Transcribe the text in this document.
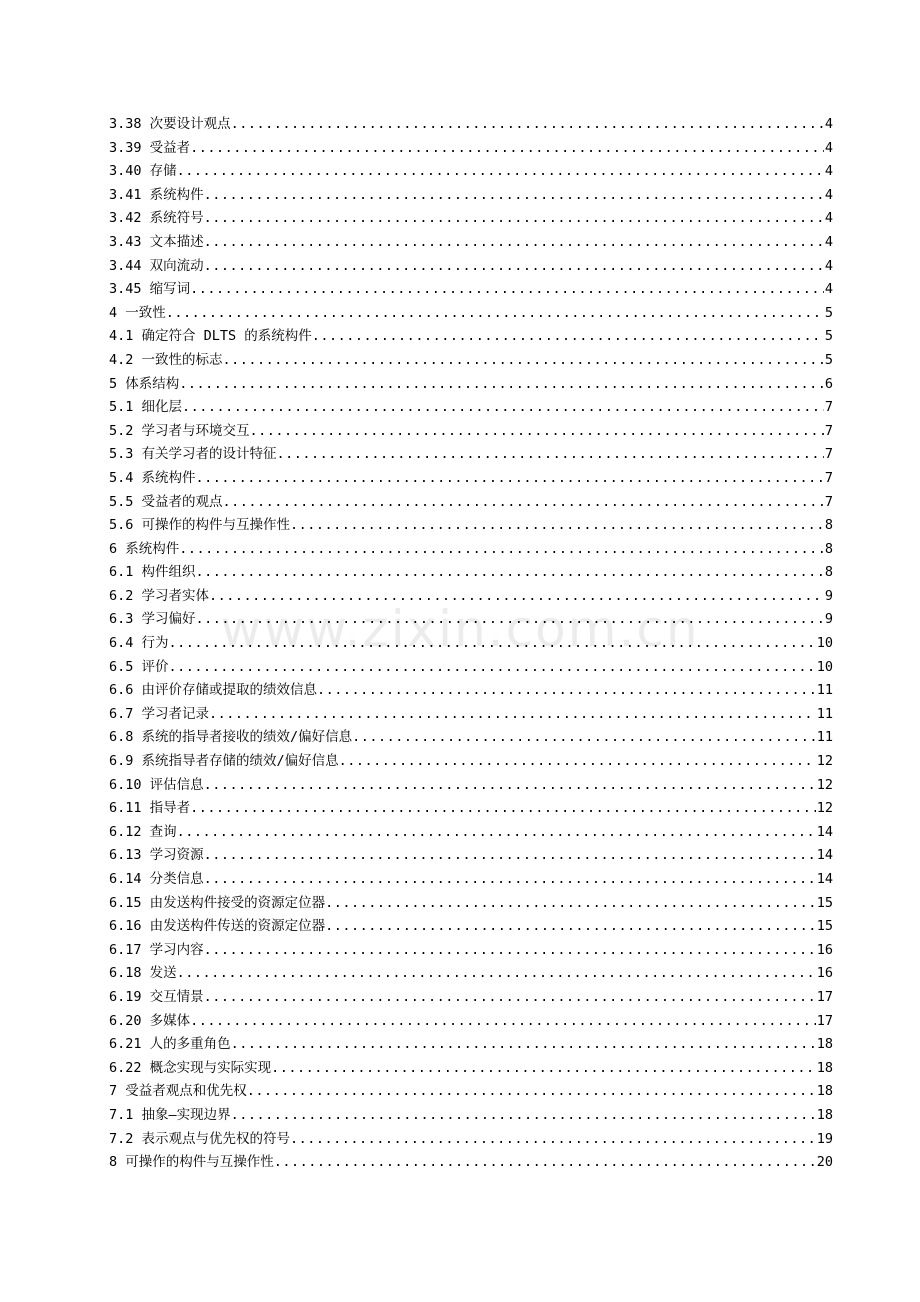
www.zixin.com.cn
3.38 次要设计观点 .....	4
3.39 受益者 .....	4
3.40 存储 .....	4
3.41 系统构件 .....	4
3.42 系统符号 .....	4
3.43 文本描述 .....	4
3.44 双向流动 .....	4
3.45 缩写词 .....	4
4 一致性 .....	5
4.1 确定符合 DLTS 的系统构件 .....	5
4.2 一致性的标志 .....	5
5 体系结构 .....	6
5.1 细化层 .....	7
5.2 学习者与环境交互 .....	7
5.3 有关学习者的设计特征 .....	7
5.4 系统构件 .....	7
5.5 受益者的观点 .....	7
5.6 可操作的构件与互操作性 .....	8
6 系统构件 .....	8
6.1 构件组织 .....	8
6.2 学习者实体 .....	9
6.3 学习偏好 .....	9
6.4 行为 .....	10
6.5 评价 .....	10
6.6 由评价存储或提取的绩效信息 .....	11
6.7 学习者记录 .....	11
6.8 系统的指导者接收的绩效/偏好信息 .....	11
6.9 系统指导者存储的绩效/偏好信息 .....	12
6.10 评估信息 .....	12
6.11 指导者 .....	12
6.12 查询 .....	14
6.13 学习资源 .....	14
6.14 分类信息 .....	14
6.15 由发送构件接受的资源定位器 .....	15
6.16 由发送构件传送的资源定位器 .....	15
6.17 学习内容 .....	16
6.18 发送 .....	16
6.19 交互情景 .....	17
6.20 多媒体 .....	17
6.21 人的多重角色 .....	18
6.22 概念实现与实际实现 .....	18
7 受益者观点和优先权 .....	18
7.1 抽象—实现边界 .....	18
7.2 表示观点与优先权的符号 .....	19
8 可操作的构件与互操作性 .....	20
